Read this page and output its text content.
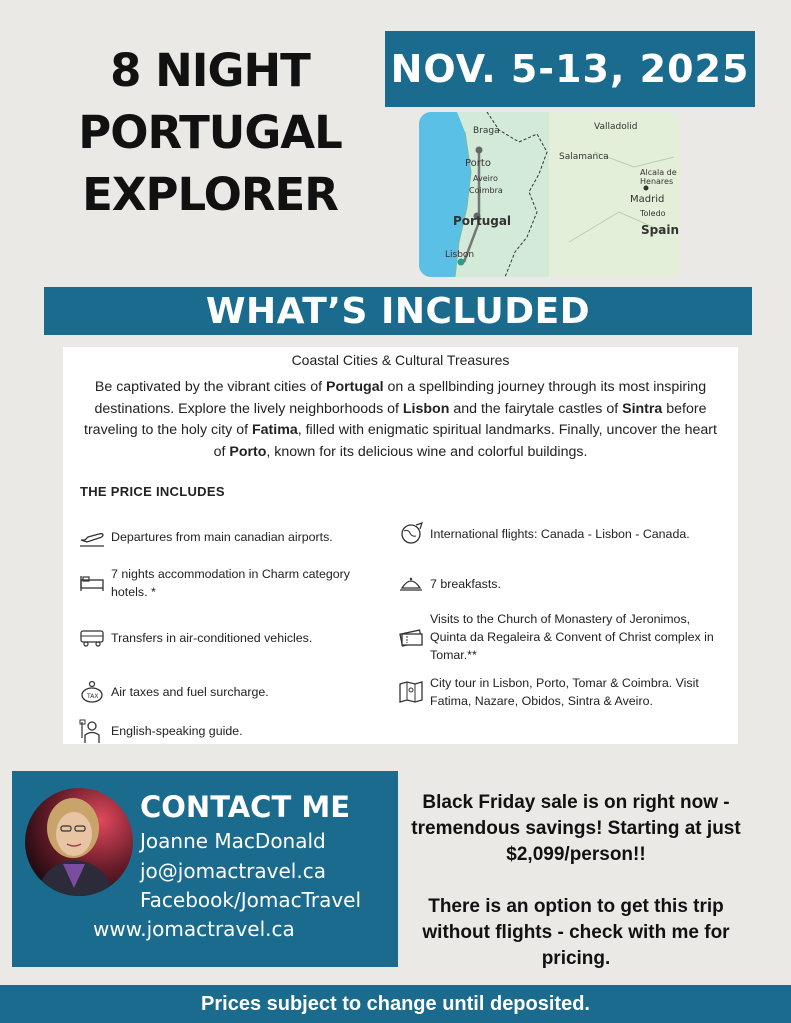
8 NIGHT
PORTUGAL
EXPLORER
NOV. 5-13, 2025
Braga	Valladolid
Porto
Salamanca
Aveiro
Coimbra
Alcala de
Henares
Madrid
Portugal
Toledo
Spain
Lisbon
WHAT’S INCLUDED
Coastal Cities & Cultural Treasures
Be captivated by the vibrant cities of Portugal on a spellbinding journey through its most inspiring destinations. Explore the lively neighborhoods of Lisbon and the fairytale castles of Sintra before traveling to the holy city of Fatima, filled with enigmatic spiritual landmarks. Finally, uncover the heart of Porto, known for its delicious wine and colorful buildings.
THE PRICE INCLUDES
Departures from main canadian airports.
7 nights accommodation in Charm category hotels. *
Transfers in air-conditioned vehicles.
TAX	Air taxes and fuel surcharge.
English-speaking guide.
International flights: Canada - Lisbon - Canada.
7 breakfasts.
Visits to the Church of Monastery of Jeronimos, Quinta da Regaleira & Convent of Christ complex in Tomar.**
City tour in Lisbon, Porto, Tomar & Coimbra. Visit Fatima, Nazare, Obidos, Sintra & Aveiro.
CONTACT ME
Joanne MacDonald
jo@jomactravel.ca
Facebook/JomacTravel
www.jomactravel.ca

Black Friday sale is on right now - tremendous savings! Starting at just $2,099/person!!

There is an option to get this trip without flights - check with me for pricing.

Prices subject to change until deposited.
